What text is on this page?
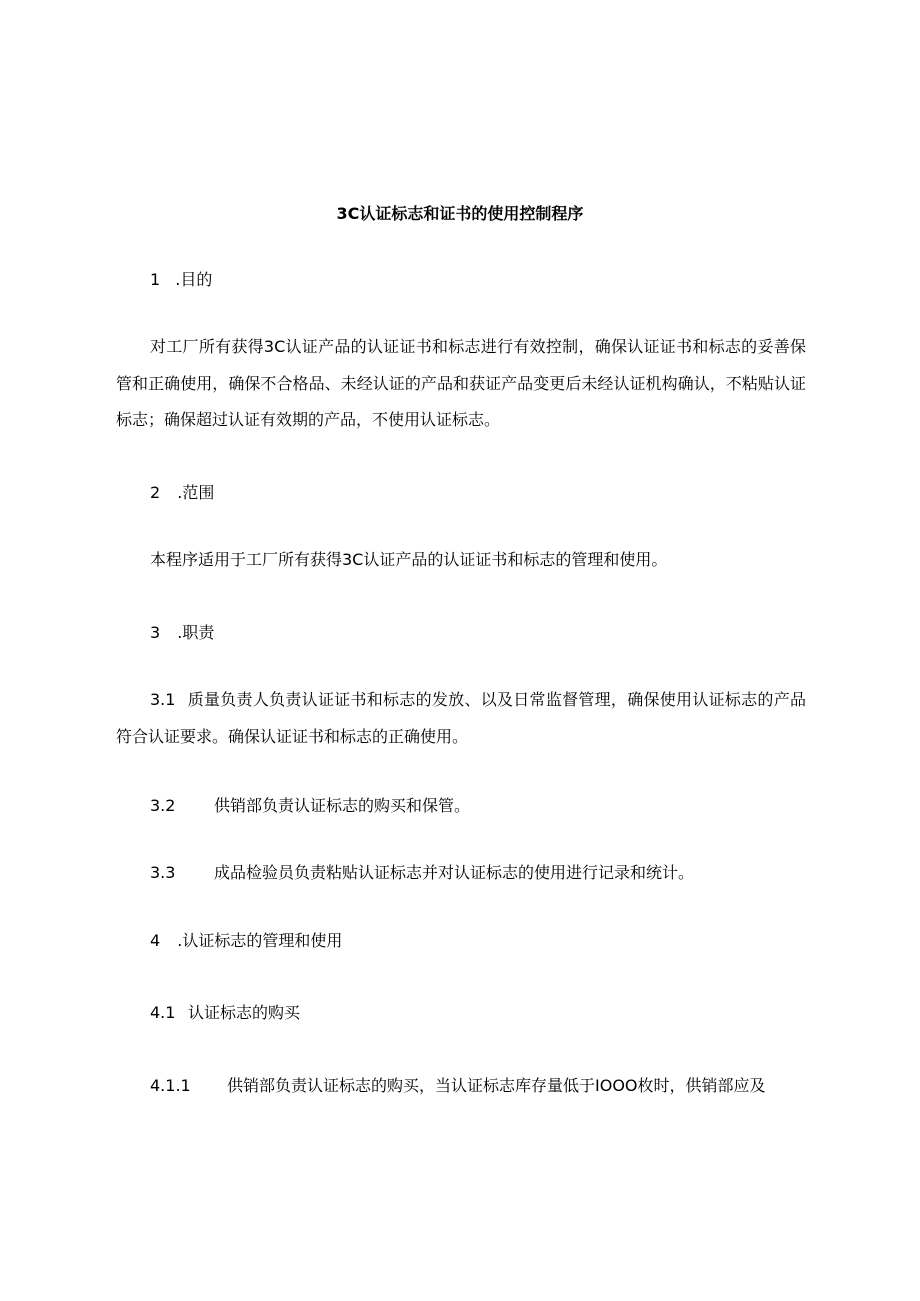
3C认证标志和证书的使用控制程序
1 .目的
对工厂所有获得3C认证产品的认证证书和标志进行有效控制，确保认证证书和标志的妥善保管和正确使用，确保不合格品、未经认证的产品和获证产品变更后未经认证机构确认，不粘贴认证标志；确保超过认证有效期的产品，不使用认证标志。
2 .范围
本程序适用于工厂所有获得3C认证产品的认证证书和标志的管理和使用。
3 .职责
3.1 质量负责人负责认证证书和标志的发放、以及日常监督管理，确保使用认证标志的产品符合认证要求。确保认证证书和标志的正确使用。
3.2 供销部负责认证标志的购买和保管。
3.3 成品检验员负责粘贴认证标志并对认证标志的使用进行记录和统计。
4 .认证标志的管理和使用
4.1 认证标志的购买
4.1.1 供销部负责认证标志的购买，当认证标志库存量低于IOOO枚时，供销部应及
